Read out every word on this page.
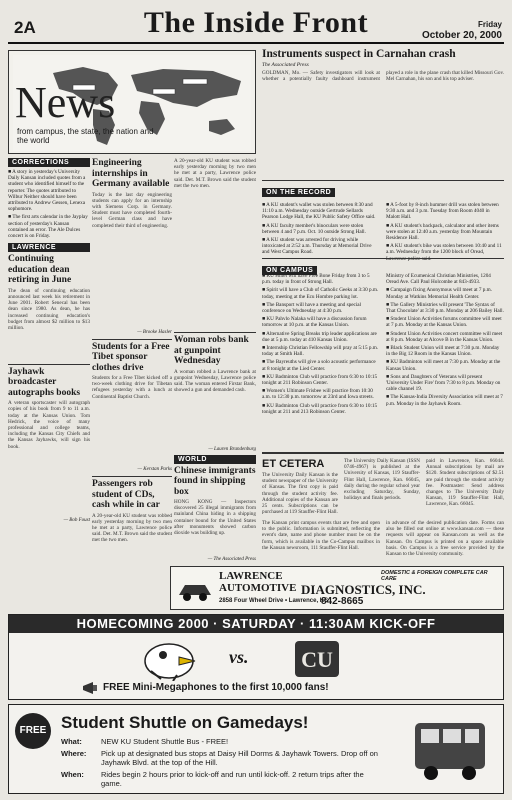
2A	The Inside Front	Friday
October 20, 2000
News
from campus, the state, the nation and the world
CORRECTIONS
■ A story in yesterday's University Daily Kansan included quotes from a student who identified himself to the reporter. The quotes attributed to Wilbur Neither should have been attributed to Andrew Gessen, Lenexa sophomore.
■ The first arts calendar in the Jayplay section of yesterday's Kansan contained an error. The Ale Dulces concert is on Friday.
LAWRENCE
Continuing education dean retiring in June
The dean of continuing education announced last week his retirement in June 2001. Robert Senecal has been dean since 1980. As dean, he has increased continuing education's budget from almost $2 million to $13 million.
Jayhawk broadcaster autographs books
A veteran sportscaster will autograph copies of his book from 9 to 11 a.m. today at the Kansas Union. Tom Hedrick, the voice of many professional and college teams, including the Kansas City Chiefs and the Kansas Jayhawks, will sign his book.
— Bob Foust
Engineering internships in Germany available
Today is the last day engineering students can apply for an internship with Siemens Corp. in Germany. Student must have completed fourth-level German class and have completed their third of engineering.
— Brooke Hasler
Students for a Free Tibet sponsor clothes drive
Students for a Free Tibet kicked off a two-week clothing drive for Tibetan refugees yesterday with a lunch at Continental Baptist Church.
— Kerstan Parks
Passengers rob student of CDs, cash while in car
A 20-year-old KU student was robbed early yesterday morning by two men he met at a party, Lawrence police said. Det. M.T. Brown said the student met the two men.
A 20-year-old KU student was robbed early yesterday morning by two men he met at a party, Lawrence police said. Det. M.T. Brown said the student met the two men.
Woman robs bank at gunpoint Wednesday
A woman robbed a Lawrence bank at gunpoint Wednesday, Lawrence police said. The woman entered Firstar Bank, showed a gun and demanded cash.
— Lauren Brandenburg
WORLD
Chinese immigrants found in shipping box
HONG KONG — Inspectors discovered 25 illegal immigrants from mainland China hiding in a shipping container bound for the United States after monuments showed carbon dioxide was building up.
— The Associated Press
Instruments suspect in Carnahan crash
The Associated Press
GOLDMAN, Mo. — Safety investigators will look at whether a potentially faulty dashboard instrument played a role in the plane crash that killed Missouri Gov. Mel Carnahan, his son and his top adviser.
ON THE RECORD
■ A KU student's wallet was stolen between 8:30 and 11:10 a.m. Wednesday outside Gertrude Sellards Pearson Lodge Hall, the KU Public Safety Office said.
■ A KU faculty member's binoculars were stolen between 4 and 7 p.m. Oct. 10 outside Strong Hall.
■ A KU student was arrested for driving while intoxicated at 2:52 a.m. Thursday at Memorial Drive and West Campus Road.
■ A 5-foot by 8-inch hummer drill was stolen between 9:30 a.m. and 3 p.m. Tuesday from Room 4040 in Malott Hall.
■ A KU student's backpack, calculator and other items were stolen at 12:40 a.m. yesterday from Mountain Residence Hall.
■ A KU student's bike was stolen between 10:40 and 11 a.m. Wednesday from the 1200 block of Oread, Lawrence police said.
ON CAMPUS
■ KU Hillel will have Free Bone Friday from 3 to 5 p.m. today in front of Strong Hall.
■ Spirit will have a Club of Catholic Geeks at 3:30 p.m. today, meeting at the Ecu Hombre parking lot.
■ The Bansport will have a meeting and special conference on Wednesday at 4:30 p.m.
■ KU Pahvlo Nalaka will have a discussion forum tomorrow at 10 p.m. at the Kansas Union.
■ Alternative Spring Breaks trip leader applications are due at 5 p.m. today at 410 Kansas Union.
■ Internship Christian Fellowship will pray at 5:15 p.m. today at Smith Hall.
■ The Bayreuths will give a solo acoustic performance at 8 tonight at the Lied Center.
■ KU Badminton Club will practice from 6:30 to 10:15 tonight at 211 Robinson Center.
■ Women's Ultimate Frisbee will practice from 10:30 a.m. to 12:30 p.m. tomorrow at 23rd and Iowa streets.
■ KU Badminton Club will practice from 6:30 to 10:15 tonight at 211 and 213 Robinson Center.
Ministry of Ecumenical Christian Ministries, 1204 Oread Ave. Call Paul Holcombe at 843-4933.
■ Campaign fixing Anonymous will meet at 7 p.m. Monday at Watkins Memorial Health Center.
■ The Gallery Ministries will present 'The Syntax of That Chocolate' at 3:30 p.m. Monday at 206 Bailey Hall.
■ Student Union Activities forums committee will meet at 7 p.m. Monday at the Kansas Union.
■ Student Union Activities concert committee will meet at 8 p.m. Monday at Alcove B in the Kansas Union.
■ Black Student Union will meet at 7:30 p.m. Monday in the Big 12 Room in the Kansas Union.
■ KU Badminton will meet at 7:30 p.m. Monday at the Kansas Union.
■ Sons and Daughters of Veterans will present 'University Under Fire' from 7:30 to 8 p.m. Monday on cable channel 19.
■ The Kansas-India Diversity Association will meet at 7 p.m. Monday in the Jayhawk Room.
ET CETERA
The University Daily Kansan is the student newspaper of the University of Kansas. The first copy is paid through the student activity fee. Additional copies of the Kansan are 25 cents. Subscriptions can be purchased at 119 Stauffer-Flint Hall.
The University Daily Kansan (ISSN 0746-4967) is published at the University of Kansas, 119 Stauffer-Flint Hall, Lawrence, Kan. 66045, daily during the regular school year excluding Saturday, Sunday, holidays and finals periods.
paid in Lawrence, Kan. 66044. Annual subscriptions by mail are $120. Student subscriptions of $2.51 are paid through the student activity fee. Postmaster: Send address changes to The University Daily Kansan, 119 Stauffer-Flint Hall, Lawrence, Kan. 66045.
The Kansan print campus events that are free and open to the public. Information is submitted, reflecting the event's date, name and phone number must be on the form, which is available in the Co-Campus mailbox in the Kansan newsroom, 111 Stauffer-Flint Hall.
in advance of the desired publication date. Forms can also be filled out online at www.kansan.com — these requests will appear on Kansan.com as well as the Kansan. On Campus is printed on a space available basis. On Campus is a free service provided by the Kansan to the University community.
LAWRENCE
AUTOMOTIVE DIAGNOSTICS, INC.
DOMESTIC & FOREIGN COMPLETE CAR CARE
2858 Four Wheel Drive • Lawrence, KS
842-8665
HOMECOMING 2000 · SATURDAY · 11:30AM KICK-OFF
vs. CU
FREE Mini-Megaphones to the first 10,000 fans!
FREE Student Shuttle on Gamedays!
What:	NEW KU Student Shuttle Bus - FREE!
Where:	Pick up at designated bus stops at Daisy Hill Dorms & Jayhawk Towers. Drop off on Jayhawk Blvd. at the top of the Hill.
When:	Rides begin 2 hours prior to kick-off and run until kick-off. 2 return trips after the game.
